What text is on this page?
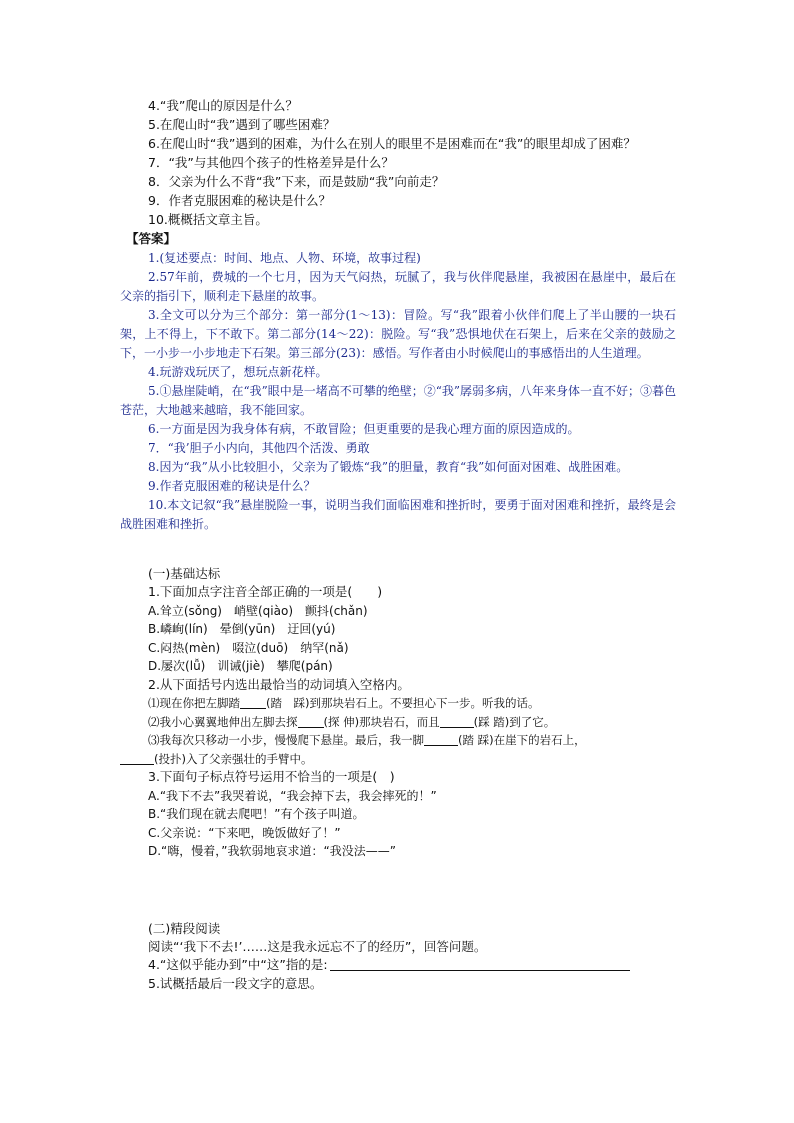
4.“我”爬山的原因是什么？

5.在爬山时“我”遇到了哪些困难？

6.在爬山时“我”遇到的困难，为什么在别人的眼里不是困难而在“我”的眼里却成了困难？

7．“我”与其他四个孩子的性格差异是什么？

8．父亲为什么不背“我”下来，而是鼓励“我”向前走？

9．作者克服困难的秘诀是什么？

10.概概括文章主旨。

【答案】

1.(复述要点：时间、地点、人物、环境，故事过程)

2.57年前，费城的一个七月，因为天气闷热，玩腻了，我与伙伴爬悬崖，我被困在悬崖中，最后在父亲的指引下，顺利走下悬崖的故事。

3.全文可以分为三个部分：第一部分(1～13)：冒险。写“我”跟着小伙伴们爬上了半山腰的一块石架，上不得上，下不敢下。第二部分(14～22)：脱险。写“我”恐惧地伏在石架上，后来在父亲的鼓励之下，一小步一小步地走下石架。第三部分(23)：感悟。写作者由小时候爬山的事感悟出的人生道理。

4.玩游戏玩厌了，想玩点新花样。

5.①悬崖陡峭，在“我”眼中是一堵高不可攀的绝壁；②“我”孱弱多病，八年来身体一直不好；③暮色苍茫，大地越来越暗，我不能回家。

6.一方面是因为我身体有病，不敢冒险；但更重要的是我心理方面的原因造成的。

7．“我’胆子小内向，其他四个活泼、勇敢

8.因为“我”从小比较胆小，父亲为了锻炼“我”的胆量，教育“我”如何面对困难、战胜困难。

9.作者克服困难的秘诀是什么？

10.本文记叙“我”悬崖脱险一事，说明当我们面临困难和挫折时，要勇于面对困难和挫折，最终是会战胜困难和挫折。

(一)基础达标
1.下面加点字注音全部正确的一项是(　　)
A.耸立(sǒng) 峭壁(qiào) 颤抖(chǎn)
B.嶙峋(lín) 晕倒(yūn) 迂回(yú)
C.闷热(mèn) 啜泣(duō) 纳罕(nǎ)
D.屡次(lǚ) 训诫(jiè) 攀爬(pán)
2.从下面括号内选出最恰当的动词填入空格内。
⑴现在你把左脚踏 (踏　踩)到那块岩石上。不要担心下一步。听我的话。
⑵我小心翼翼地伸出左脚去探 (探 伸)那块岩石，而且	(踩 踏)到了它。
⑶我每次只移动一小步，慢慢爬下悬崖。最后，我一脚	(踏 踩)在崖下的岩石上，
(投扑)入了父亲强壮的手臂中。
3.下面句子标点符号运用不恰当的一项是(　)
A.“我下不去”我哭着说，“我会掉下去，我会摔死的！”
B.“我们现在就去爬吧！”有个孩子叫道。
C.父亲说：“下来吧，晚饭做好了！”
D.“嗨，慢着，”我软弱地哀求道：“我没法——”
(二)精段阅读
阅读“‘我下不去!’……这是我永远忘不了的经历”，回答问题。
4.“这似乎能办到”中“这”指的是:
5.试概括最后一段文字的意思。
